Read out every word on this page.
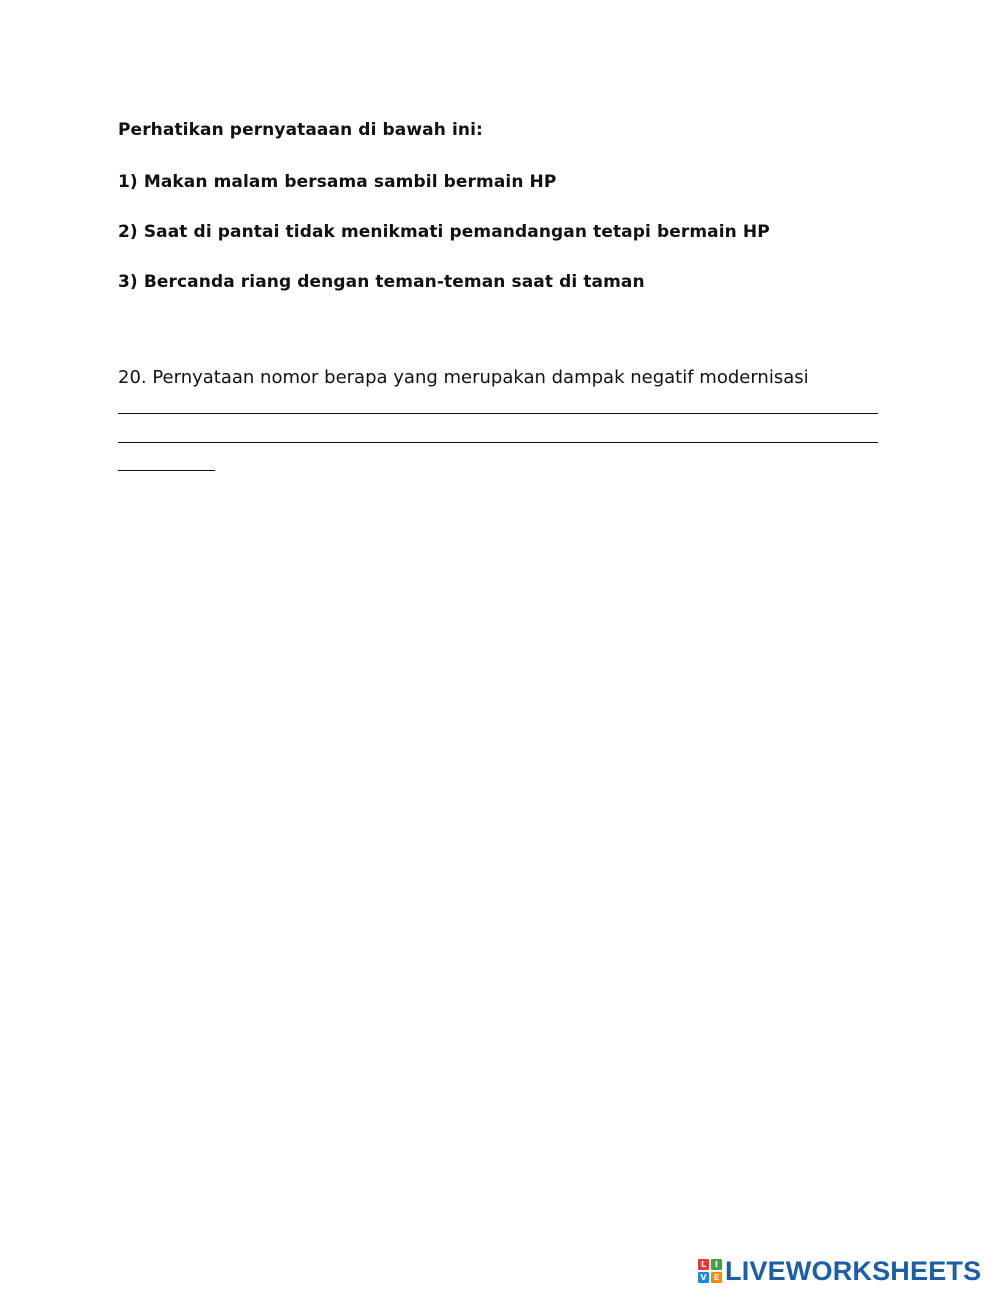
Perhatikan pernyataaan di bawah ini:
1) Makan malam bersama sambil bermain HP
2) Saat di pantai tidak menikmati pemandangan tetapi bermain HP
3) Bercanda riang dengan teman-teman saat di taman
20. Pernyataan nomor berapa yang merupakan dampak negatif modernisasi
L	I
V E LIVEWORKSHEETS
